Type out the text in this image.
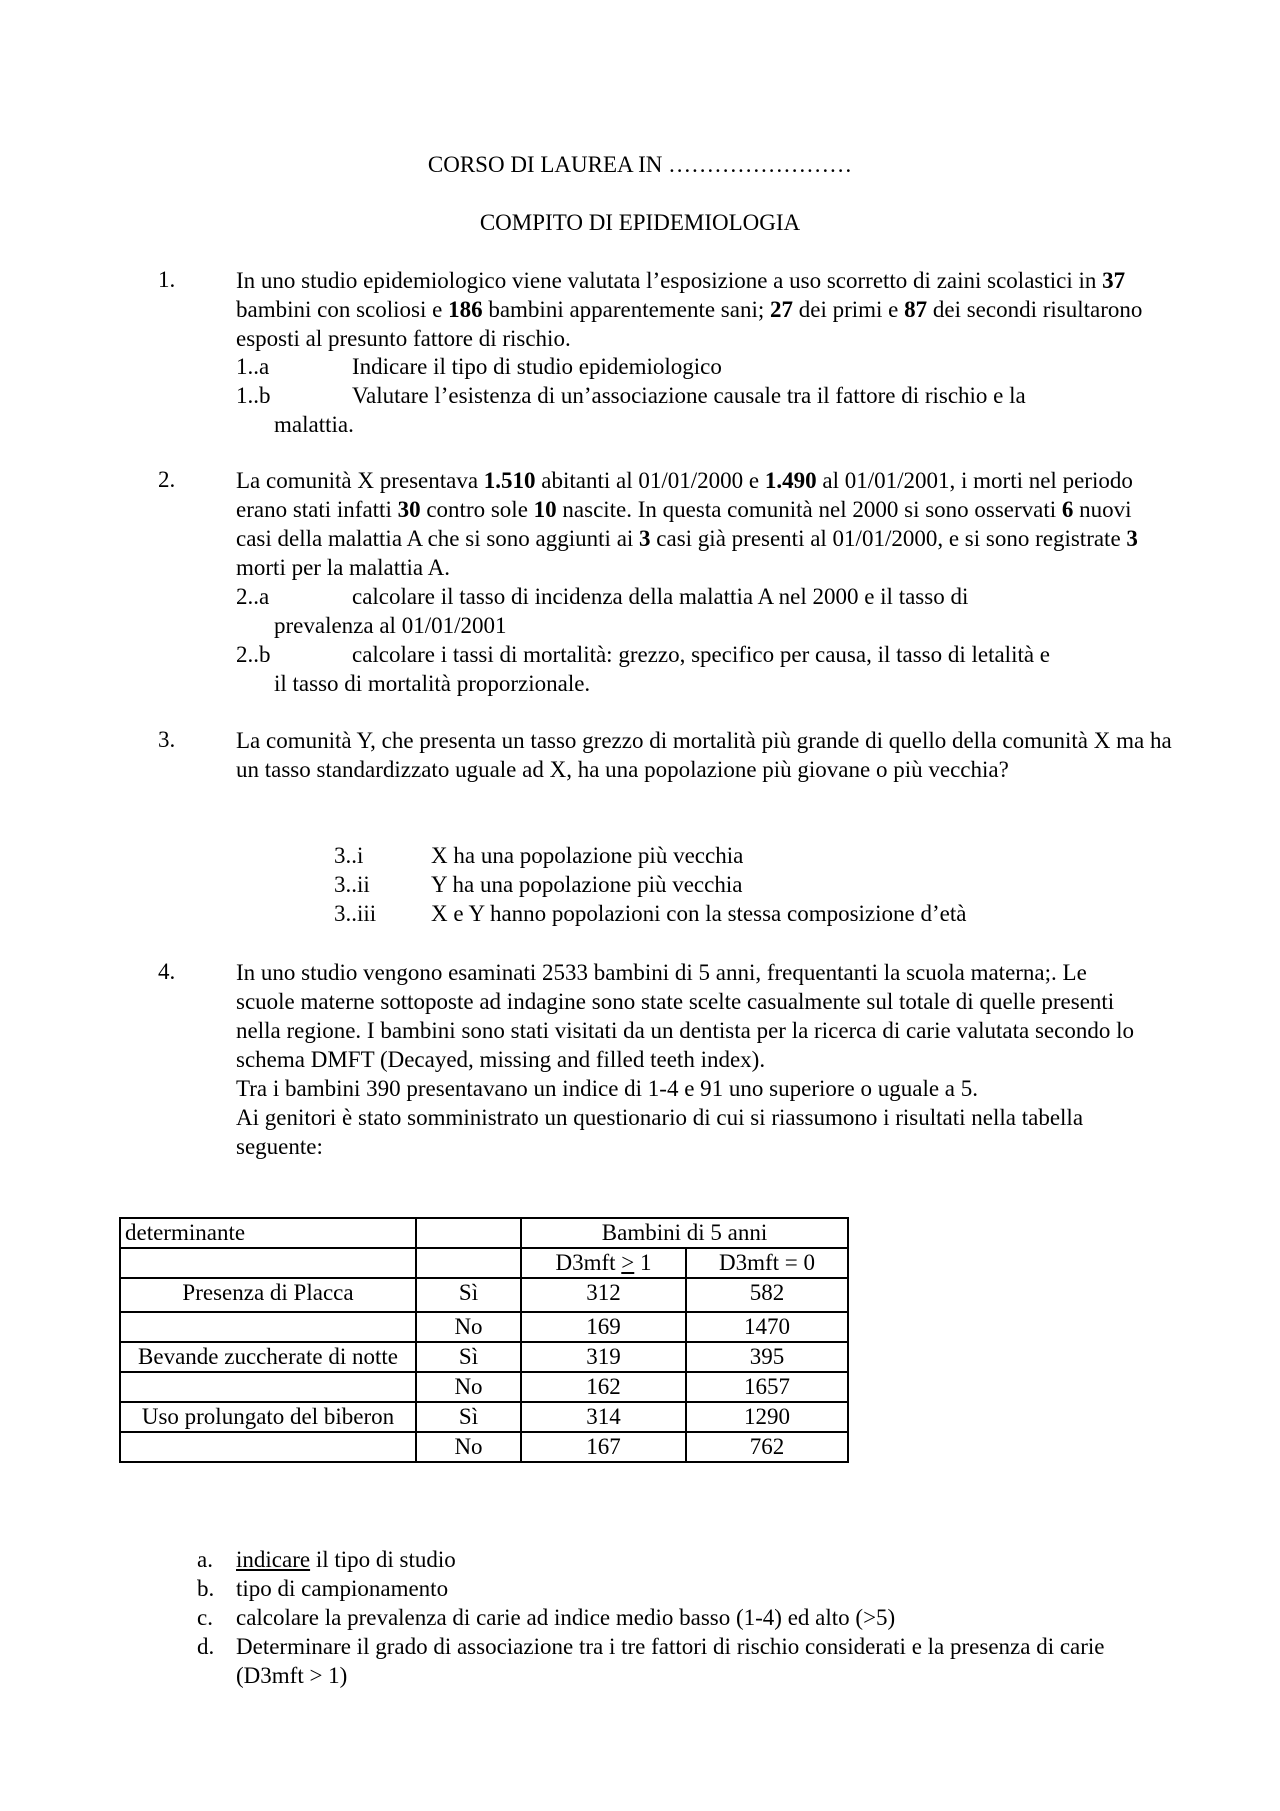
CORSO DI LAUREA IN ……………………
COMPITO DI EPIDEMIOLOGIA
1.	In uno studio epidemiologico viene valutata l’esposizione a uso scorretto di zaini scolastici in 37 bambini con scoliosi e 186 bambini apparentemente sani; 27 dei primi e 87 dei secondi risultarono esposti al presunto fattore di rischio.
1..a	Indicare il tipo di studio epidemiologico
1..b	Valutare l’esistenza di un’associazione causale tra il fattore di rischio e la
malattia.
2.	La comunità X presentava 1.510 abitanti al 01/01/2000 e 1.490 al 01/01/2001, i morti nel periodo erano stati infatti 30 contro sole 10 nascite. In questa comunità nel 2000 si sono osservati 6 nuovi casi della malattia A che si sono aggiunti ai 3 casi già presenti al 01/01/2000, e si sono registrate 3 morti per la malattia A.
2..a	calcolare il tasso di incidenza della malattia A nel 2000 e il tasso di
prevalenza al 01/01/2001
2..b	calcolare i tassi di mortalità: grezzo, specifico per causa, il tasso di letalità e
il tasso di mortalità proporzionale.
3.	La comunità Y, che presenta un tasso grezzo di mortalità più grande di quello della comunità X ma ha un tasso standardizzato uguale ad X, ha una popolazione più giovane o più vecchia?
3..i	X ha una popolazione più vecchia
3..ii	Y ha una popolazione più vecchia
3..iii X e Y hanno popolazioni con la stessa composizione d’età
4.	In uno studio vengono esaminati 2533 bambini di 5 anni, frequentanti la scuola materna;. Le scuole materne sottoposte ad indagine sono state scelte casualmente sul totale di quelle presenti nella regione. I bambini sono stati visitati da un dentista per la ricerca di carie valutata secondo lo schema DMFT (Decayed, missing and filled teeth index).
Tra i bambini 390 presentavano un indice di 1-4 e 91 uno superiore o uguale a 5.
Ai genitori è stato somministrato un questionario di cui si riassumono i risultati nella tabella seguente:
determinante		Bambini di 5 anni	
		D3mft > 1	D3mft = 0
Presenza di Placca	Sì	312	582
	No	169	1470
Bevande zuccherate di notte	Sì	319	395
	No	162	1657
Uso prolungato del biberon	Sì	314	1290
	No	167	762
a. indicare il tipo di studio
b. tipo di campionamento
c. calcolare la prevalenza di carie ad indice medio basso (1-4) ed alto (>5)
d. Determinare il grado di associazione tra i tre fattori di rischio considerati e la presenza di carie (D3mft > 1)
